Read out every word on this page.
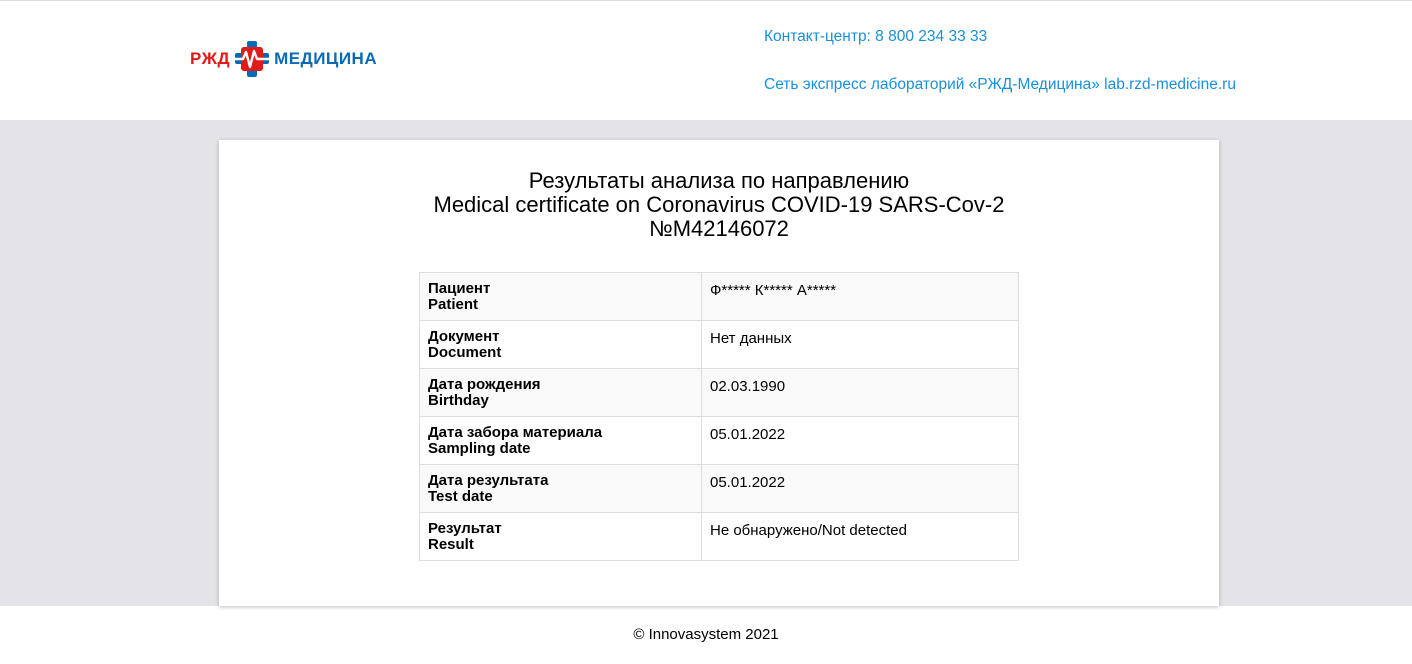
РЖД	МЕДИЦИНА
Контакт-центр: 8 800 234 33 33
Сеть экспресс лабораторий «РЖД-Медицина» lab.rzd-medicine.ru
Результаты анализа по направлению
Medical certificate on Coronavirus COVID-19 SARS-Cov-2
№M42146072
Пациент
Patient	Ф***** К***** А*****

Документ
Document	Нет данных

Дата рождения
Birthday	02.03.1990

Дата забора материала
Sampling date	05.01.2022

Дата результата
Test date	05.01.2022

Результат
Result	Не обнаружено/Not detected
© Innovasystem 2021
